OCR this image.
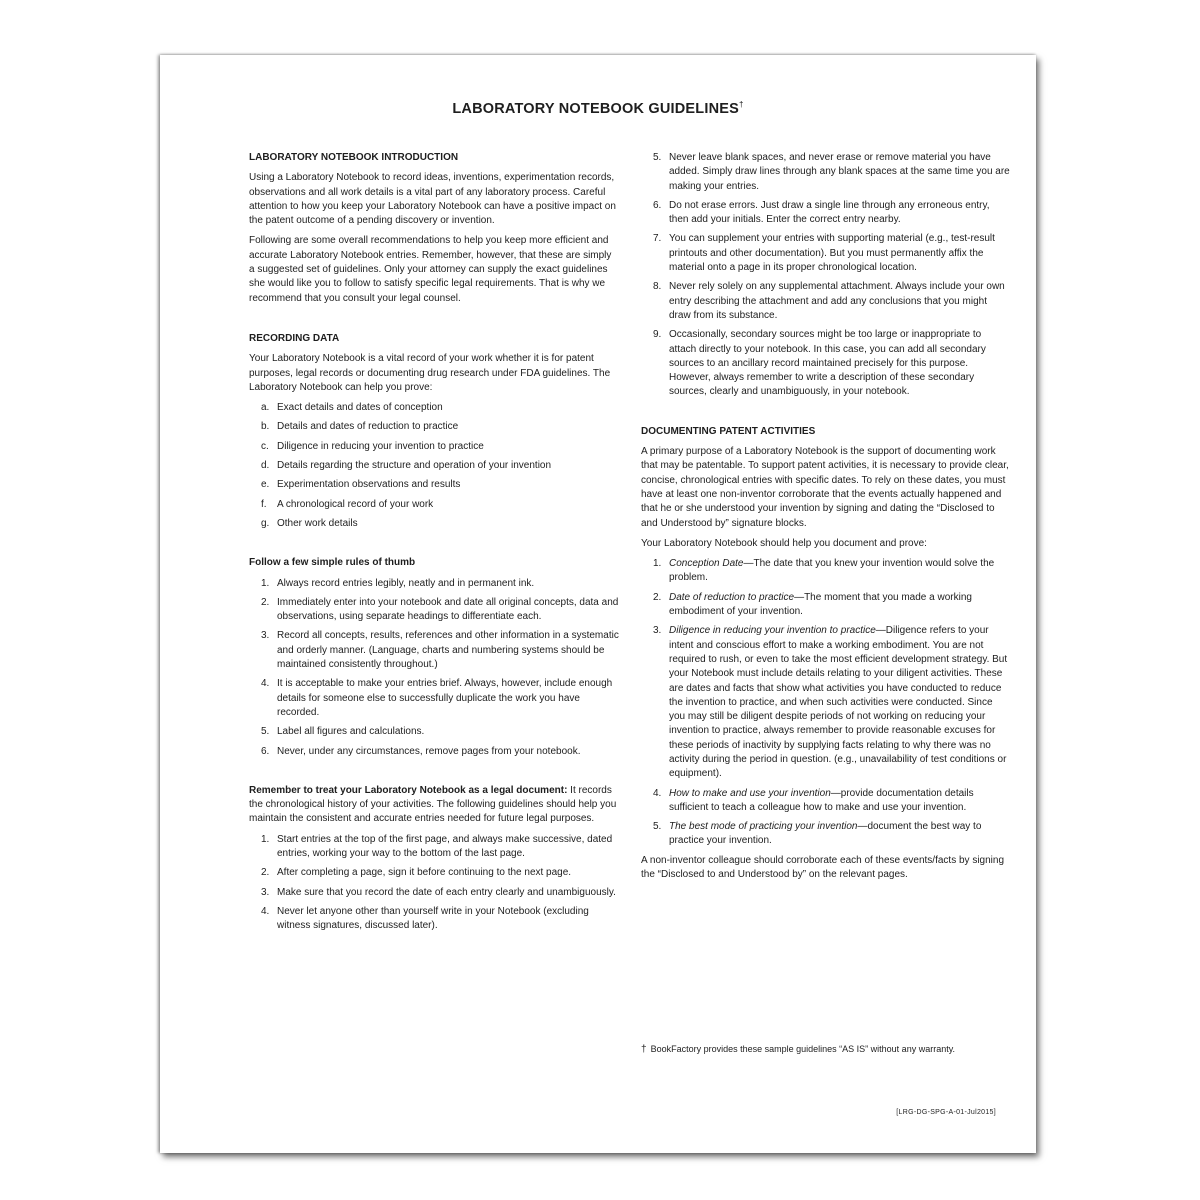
LABORATORY NOTEBOOK GUIDELINES†
LABORATORY NOTEBOOK INTRODUCTION

Using a Laboratory Notebook to record ideas, inventions, experimentation records, observations and all work details is a vital part of any laboratory process. Careful attention to how you keep your Laboratory Notebook can have a positive impact on the patent outcome of a pending discovery or invention.

Following are some overall recommendations to help you keep more efficient and accurate Laboratory Notebook entries. Remember, however, that these are simply a suggested set of guidelines. Only your attorney can supply the exact guidelines she would like you to follow to satisfy specific legal requirements. That is why we recommend that you consult your legal counsel.

RECORDING DATA

Your Laboratory Notebook is a vital record of your work whether it is for patent purposes, legal records or documenting drug research under FDA guidelines. The Laboratory Notebook can help you prove:

a. Exact details and dates of conception
b. Details and dates of reduction to practice
c. Diligence in reducing your invention to practice
d. Details regarding the structure and operation of your invention
e. Experimentation observations and results
f. A chronological record of your work
g. Other work details
Follow a few simple rules of thumb
1. Always record entries legibly, neatly and in permanent ink.
2. Immediately enter into your notebook and date all original concepts, data and observations, using separate headings to differentiate each.
3. Record all concepts, results, references and other information in a systematic and orderly manner. (Language, charts and numbering systems should be maintained consistently throughout.)
4. It is acceptable to make your entries brief. Always, however, include enough details for someone else to successfully duplicate the work you have recorded.
5. Label all figures and calculations.
6. Never, under any circumstances, remove pages from your notebook.

Remember to treat your Laboratory Notebook as a legal document: It records the chronological history of your activities. The following guidelines should help you maintain the consistent and accurate entries needed for future legal purposes.

1. Start entries at the top of the first page, and always make successive, dated entries, working your way to the bottom of the last page.
2. After completing a page, sign it before continuing to the next page.
3. Make sure that you record the date of each entry clearly and unambiguously.
4. Never let anyone other than yourself write in your Notebook (excluding witness signatures, discussed later).
5. Never leave blank spaces, and never erase or remove material you have added. Simply draw lines through any blank spaces at the same time you are making your entries.
6. Do not erase errors. Just draw a single line through any erroneous entry, then add your initials. Enter the correct entry nearby.
7. You can supplement your entries with supporting material (e.g., test-result printouts and other documentation). But you must permanently affix the material onto a page in its proper chronological location.
8. Never rely solely on any supplemental attachment. Always include your own entry describing the attachment and add any conclusions that you might draw from its substance.
9. Occasionally, secondary sources might be too large or inappropriate to attach directly to your notebook. In this case, you can add all secondary sources to an ancillary record maintained precisely for this purpose. However, always remember to write a description of these secondary sources, clearly and unambiguously, in your notebook.
DOCUMENTING PATENT ACTIVITIES

A primary purpose of a Laboratory Notebook is the support of documenting work that may be patentable. To support patent activities, it is necessary to provide clear, concise, chronological entries with specific dates. To rely on these dates, you must have at least one non-inventor corroborate that the events actually happened and that he or she understood your invention by signing and dating the “Disclosed to and Understood by” signature blocks.

Your Laboratory Notebook should help you document and prove:

1. Conception Date—The date that you knew your invention would solve the problem.
2. Date of reduction to practice—The moment that you made a working embodiment of your invention.
3. Diligence in reducing your invention to practice—Diligence refers to your intent and conscious effort to make a working embodiment. You are not required to rush, or even to take the most efficient development strategy. But your Notebook must include details relating to your diligent activities. These are dates and facts that show what activities you have conducted to reduce the invention to practice, and when such activities were conducted. Since you may still be diligent despite periods of not working on reducing your invention to practice, always remember to provide reasonable excuses for these periods of inactivity by supplying facts relating to why there was no activity during the period in question. (e.g., unavailability of test conditions or equipment).
4. How to make and use your invention—provide documentation details sufficient to teach a colleague how to make and use your invention.
5. The best mode of practicing your invention—document the best way to practice your invention.

A non-inventor colleague should corroborate each of these events/facts by signing the “Disclosed to and Understood by” on the relevant pages.

† BookFactory provides these sample guidelines “AS IS” without any warranty.
[LRG-DG-SPG-A-01-Jul2015]
